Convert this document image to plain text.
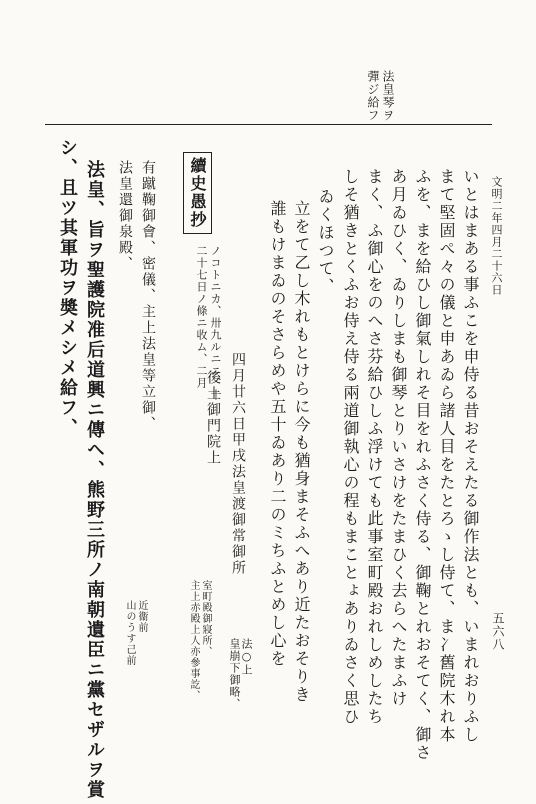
五六八
法皇琴ヲ
彈ジ給フ
文明二年四月二十六日
いとはまある事ふこを申侍る昔おそえたる御作法とも、いまれおりふし
まて堅固ぺ々の儀と申あゐら諸人目をたとろゝし侍て、ま冫舊院木れ本
ふを、まを給ひし御氣しれそ目をれふさく侍る、御鞠とれおそてく、御さ
あ月ゐひく、ゐりしまも御琴とりいさけをたまひく去らへたまふけ
まく、ふ御心をのへさ芬給ひしふ浮けても此事室町殿おれしめしたち
しそ猶きとくふお侍え侍る兩道御執心の程もまことょありゐさく思ひ
ゐくほつて、
立をて乙し木れもとけらに今も猶身まそふへあり近たおそりき
誰もけまゐのそさらめや五十ゐあり二のミちふとめし心を
法○上
皇崩下御略、
續史愚抄
ノコトニカ、卅九ルニニ、十
二十七日ノ條ニ收ム、二月
四月廿六日甲戌法皇渡御常御所
後土御門院上
有蹴鞠御會、密儀、主上法皇等立御、
法皇還御泉殿、
室町殿御寢所、
主上赤殿上人亦參事訖、
近衞前
山のうす己前
法皇、旨ヲ聖護院准后道興ニ傳ヘ、熊野三所ノ南朝遺臣ニ黨セザルヲ賞
シ、且ツ其軍功ヲ奬メシメ給フ、
